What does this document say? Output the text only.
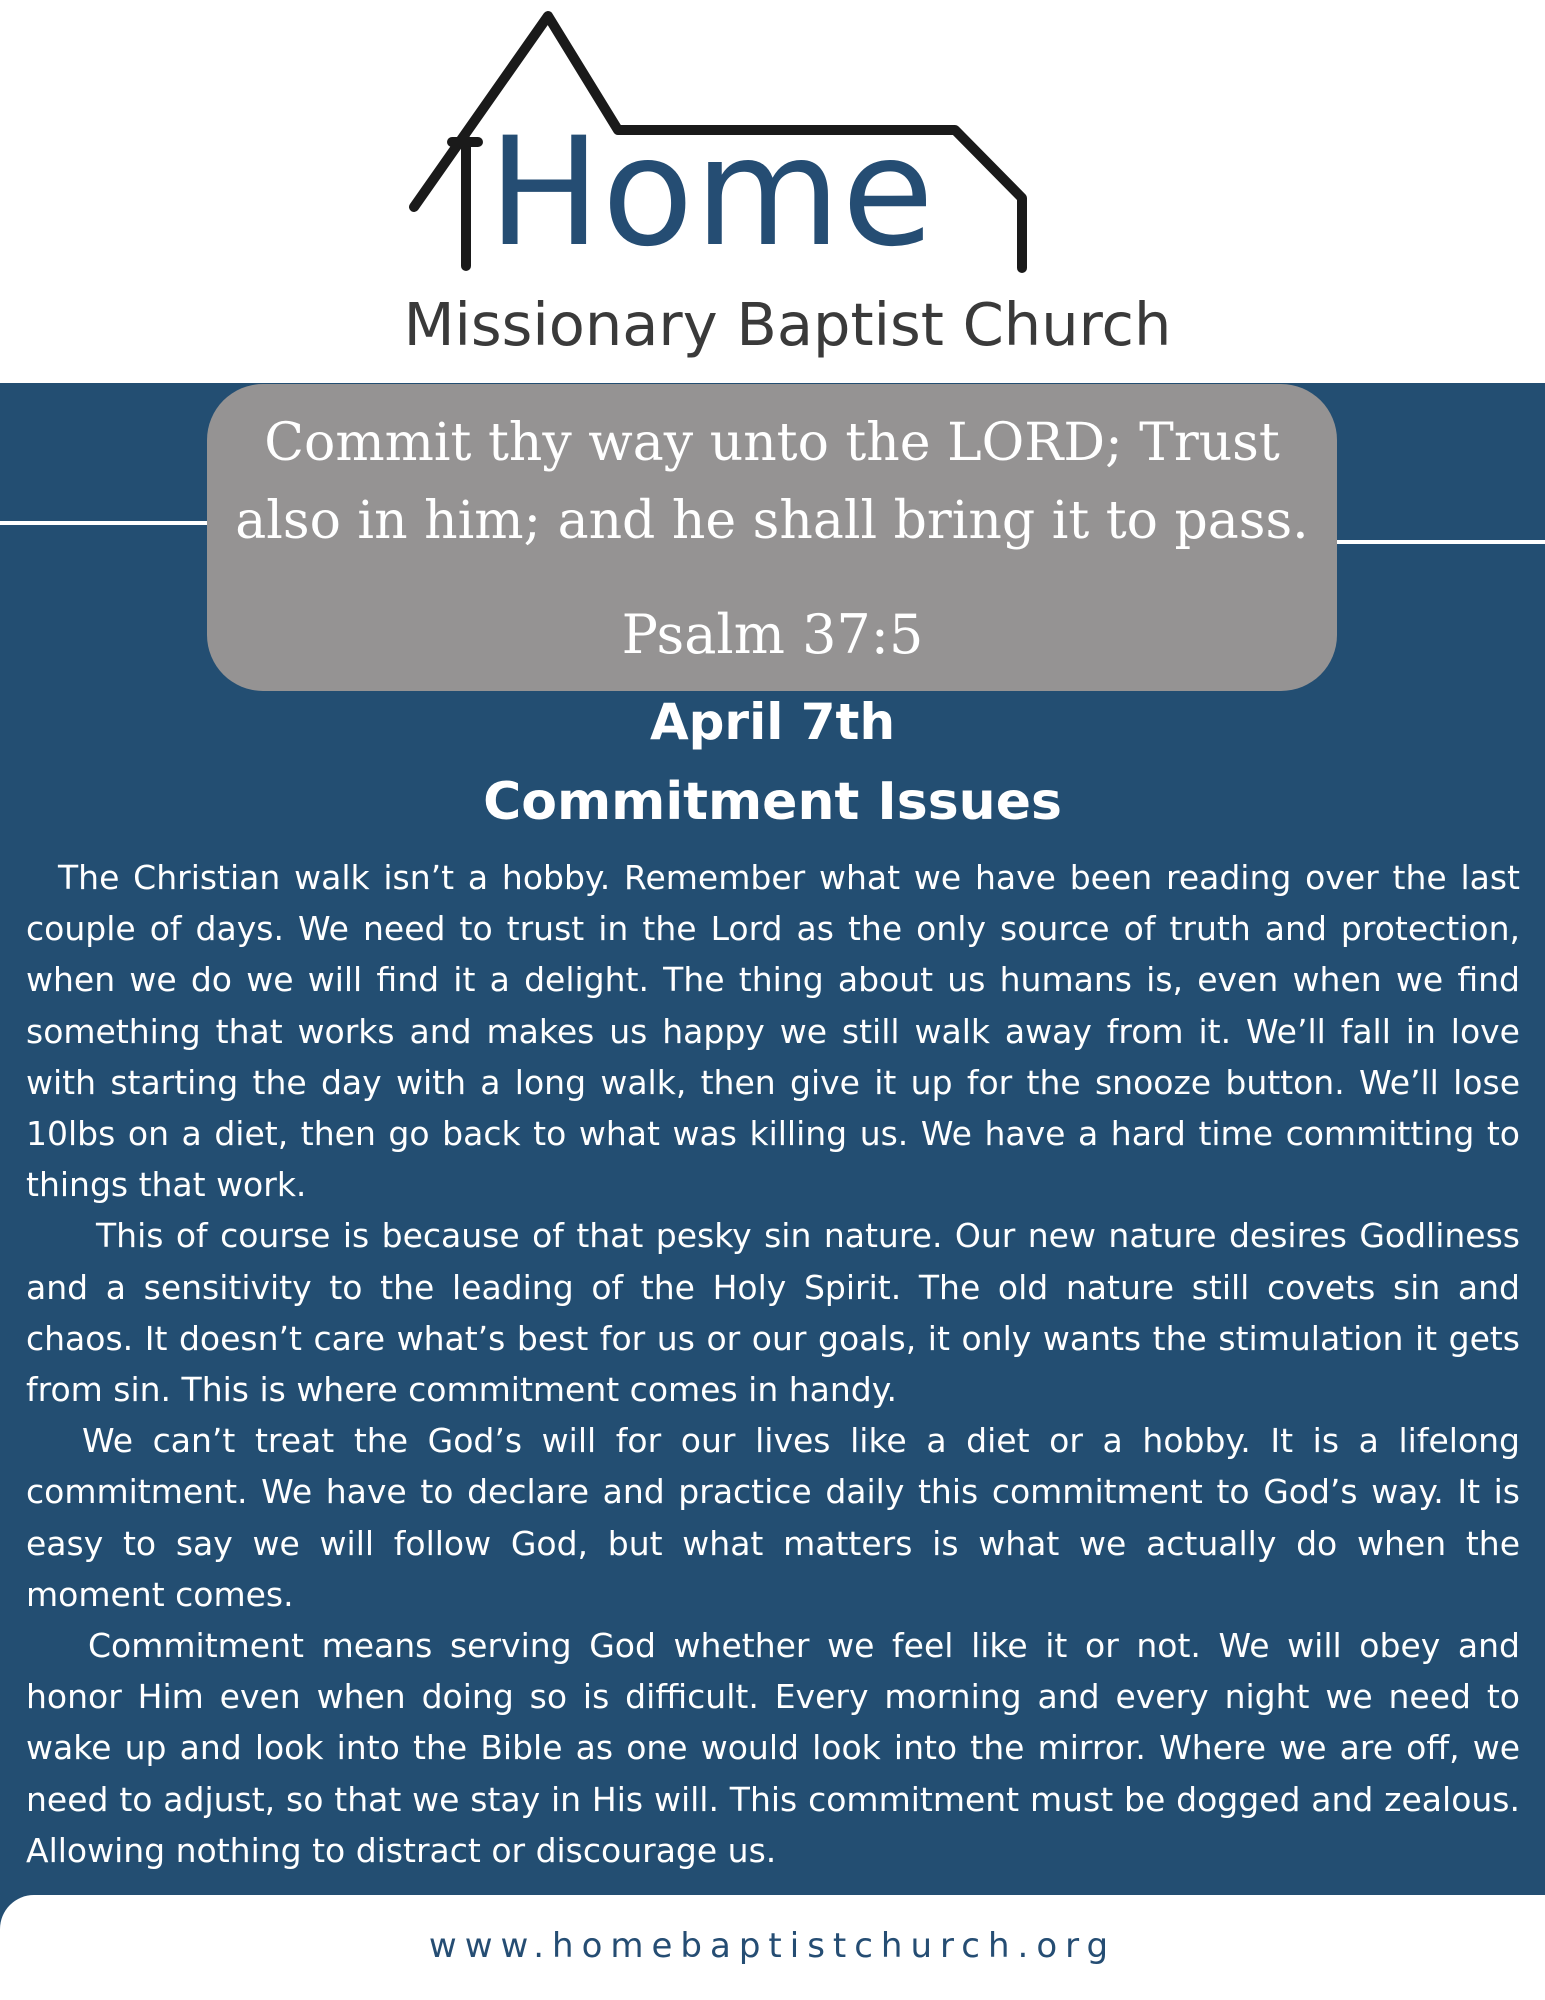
Home
Missionary Baptist Church
Commit thy way unto the LORD; Trust also in him; and he shall bring it to pass.
Psalm 37:5
April 7th
Commitment Issues

The Christian walk isn’t a hobby. Remember what we have been reading over the last couple of days. We need to trust in the Lord as the only source of truth and protection, when we do we will find it a delight. The thing about us humans is, even when we find something that works and makes us happy we still walk away from it. We’ll fall in love with starting the day with a long walk, then give it up for the snooze button. We’ll lose 10lbs on a diet, then go back to what was killing us. We have a hard time committing to things that work.

This of course is because of that pesky sin nature. Our new nature desires Godliness and a sensitivity to the leading of the Holy Spirit. The old nature still covets sin and chaos. It doesn’t care what’s best for us or our goals, it only wants the stimulation it gets from sin. This is where commitment comes in handy.

We can’t treat the God’s will for our lives like a diet or a hobby. It is a lifelong commitment. We have to declare and practice daily this commitment to God’s way. It is easy to say we will follow God, but what matters is what we actually do when the moment comes.

Commitment means serving God whether we feel like it or not. We will obey and honor Him even when doing so is difficult. Every morning and every night we need to wake up and look into the Bible as one would look into the mirror. Where we are off, we need to adjust, so that we stay in His will. This commitment must be dogged and zealous. Allowing nothing to distract or discourage us.

www.homebaptistchurch.org
